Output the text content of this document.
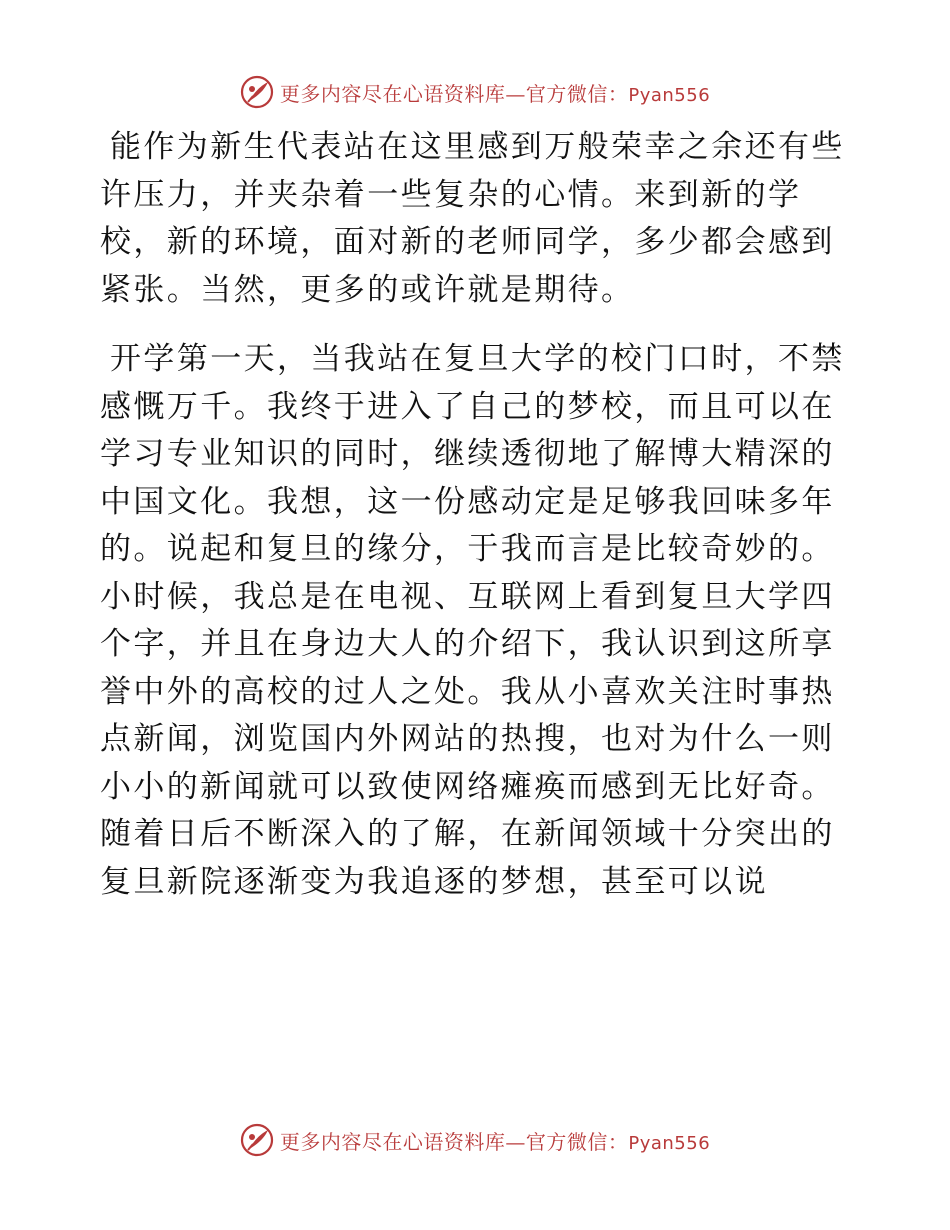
更多内容尽在心语资料库—官方微信：Pyan556

能作为新生代表站在这里感到万般荣幸之余还有些许压力，并夹杂着一些复杂的心情。来到新的学校，新的环境，面对新的老师同学，多少都会感到紧张。当然，更多的或许就是期待。

开学第一天，当我站在复旦大学的校门口时，不禁感慨万千。我终于进入了自己的梦校，而且可以在学习专业知识的同时，继续透彻地了解博大精深的中国文化。我想，这一份感动定是足够我回味多年的。说起和复旦的缘分，于我而言是比较奇妙的。小时候，我总是在电视、互联网上看到复旦大学四个字，并且在身边大人的介绍下，我认识到这所享誉中外的高校的过人之处。我从小喜欢关注时事热点新闻，浏览国内外网站的热搜，也对为什么一则小小的新闻就可以致使网络瘫痪而感到无比好奇。随着日后不断深入的了解，在新闻领域十分突出的复旦新院逐渐变为我追逐的梦想，甚至可以说

更多内容尽在心语资料库—官方微信：Pyan556
